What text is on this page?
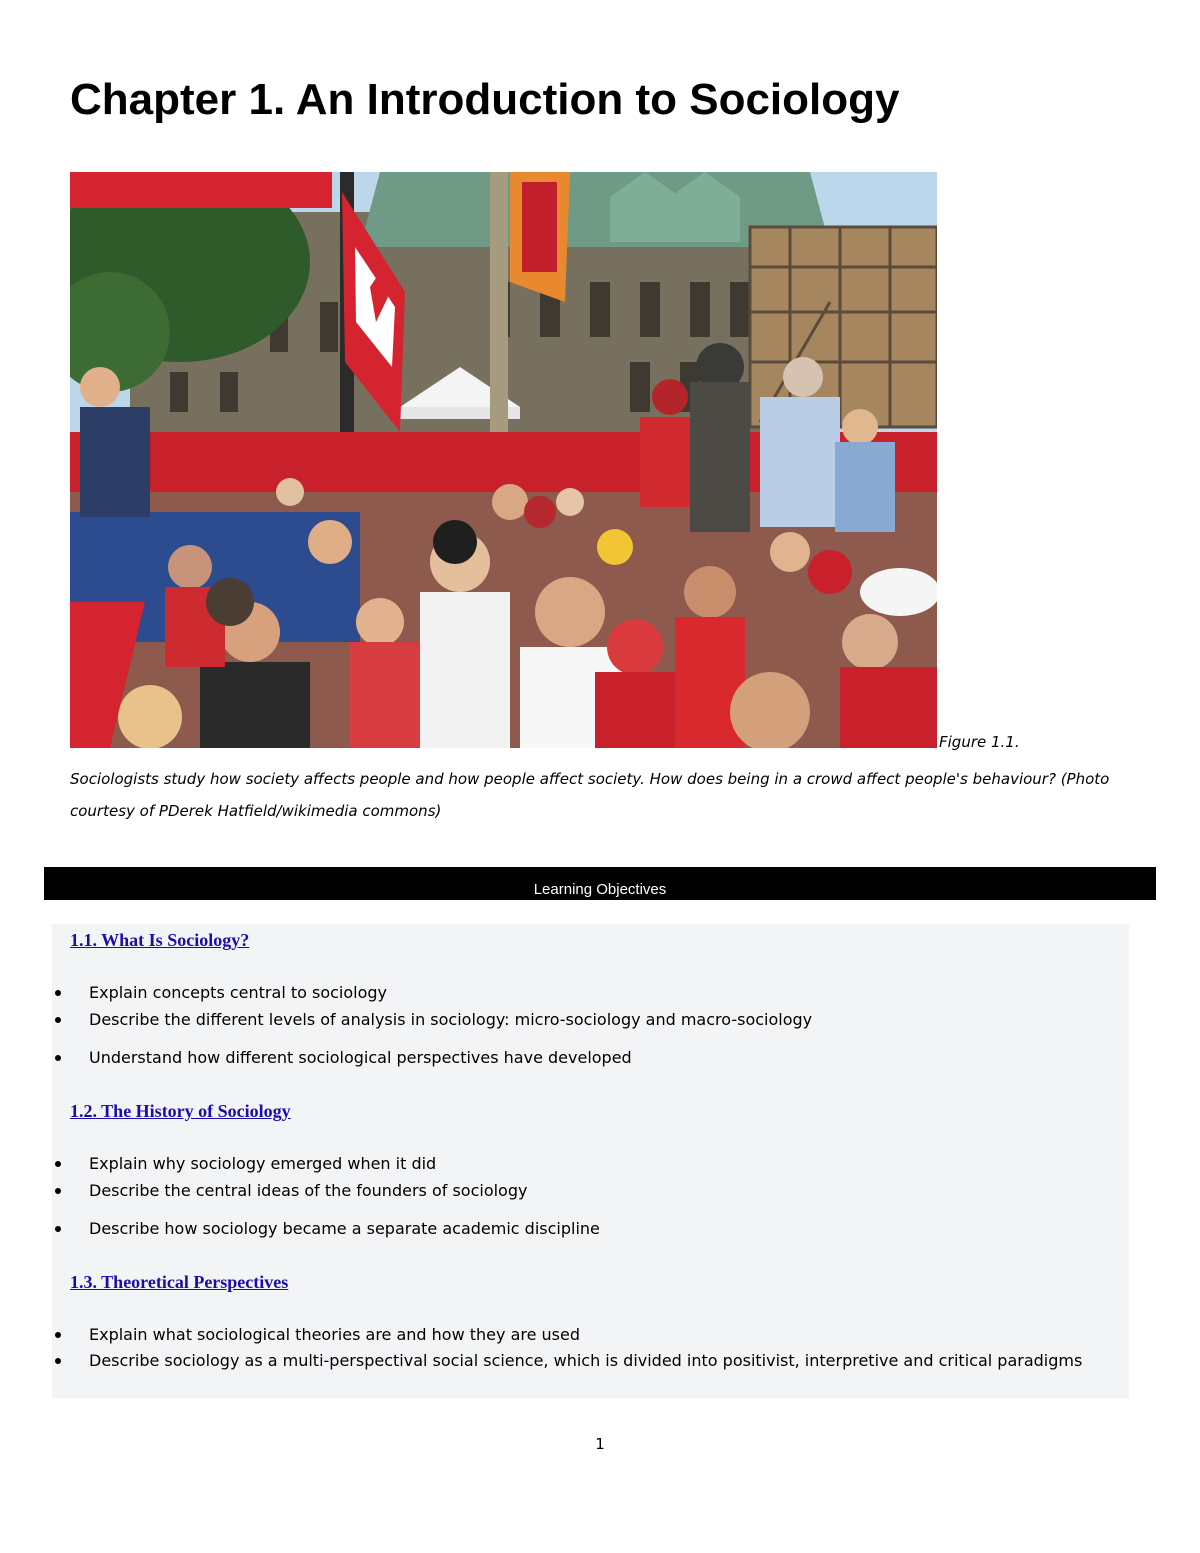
Chapter 1. An Introduction to Sociology
Figure 1.1.
Sociologists study how society affects people and how people affect society. How does being in a crowd affect people's behaviour? (Photo courtesy of PDerek Hatfield/wikimedia commons)
Learning Objectives
1.1. What Is Sociology?
Explain concepts central to sociology
Describe the different levels of analysis in sociology: micro-sociology and macro-sociology
Understand how different sociological perspectives have developed
1.2. The History of Sociology
Explain why sociology emerged when it did
Describe the central ideas of the founders of sociology
Describe how sociology became a separate academic discipline
1.3. Theoretical Perspectives
Explain what sociological theories are and how they are used
Describe sociology as a multi-perspectival social science, which is divided into positivist, interpretive and critical paradigms
1
